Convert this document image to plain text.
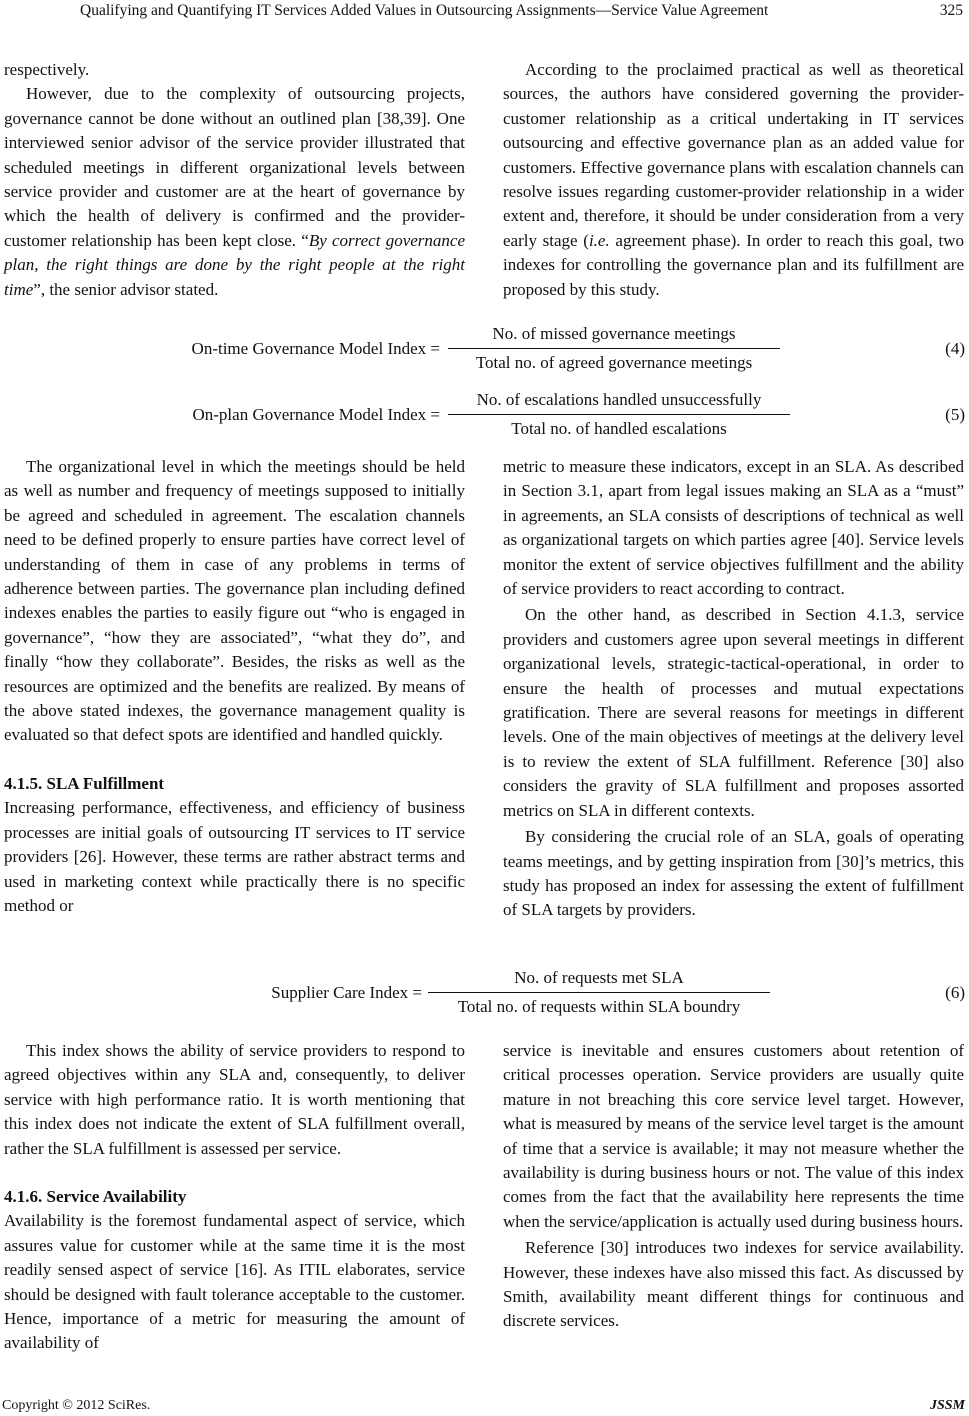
Qualifying and Quantifying IT Services Added Values in Outsourcing Assignments—Service Value Agreement	325

respectively.

However, due to the complexity of outsourcing projects, governance cannot be done without an outlined plan [38,39]. One interviewed senior advisor of the service provider illustrated that scheduled meetings in different organizational levels between service provider and customer are at the heart of governance by which the health of delivery is confirmed and the provider-customer relationship has been kept close. “By correct governance plan, the right things are done by the right people at the right time”, the senior advisor stated.

According to the proclaimed practical as well as theoretical sources, the authors have considered governing the provider-customer relationship as a critical undertaking in IT services outsourcing and effective governance plan as an added value for customers. Effective governance plans with escalation channels can resolve issues regarding customer-provider relationship in a wider extent and, therefore, it should be under consideration from a very early stage (i.e. agreement phase). In order to reach this goal, two indexes for controlling the governance plan and its fulfillment are proposed by this study.

On-time Governance Model Index =
No. of missed governance meetings
Total no. of agreed governance meetings
(4)
On-plan Governance Model Index =
No. of escalations handled unsuccessfully
Total no. of handled escalations
(5)

The organizational level in which the meetings should be held as well as number and frequency of meetings supposed to initially be agreed and scheduled in agreement. The escalation channels need to be defined properly to ensure parties have correct level of understanding of them in case of any problems in terms of adherence between parties. The governance plan including defined indexes enables the parties to easily figure out “who is engaged in governance”, “how they are associated”, “what they do”, and finally “how they collaborate”. Besides, the risks as well as the resources are optimized and the benefits are realized. By means of the above stated indexes, the governance management quality is evaluated so that defect spots are identified and handled quickly.

4.1.5. SLA Fulfillment

Increasing performance, effectiveness, and efficiency of business processes are initial goals of outsourcing IT services to IT service providers [26]. However, these terms are rather abstract terms and used in marketing context while practically there is no specific method or

metric to measure these indicators, except in an SLA. As described in Section 3.1, apart from legal issues making an SLA as a “must” in agreements, an SLA consists of descriptions of technical as well as organizational targets on which parties agree [40]. Service levels monitor the extent of service objectives fulfillment and the ability of service providers to react according to contract.

On the other hand, as described in Section 4.1.3, service providers and customers agree upon several meetings in different organizational levels, strategic-tactical-operational, in order to ensure the health of processes and mutual expectations gratification. There are several reasons for meetings in different levels. One of the main objectives of meetings at the delivery level is to review the extent of SLA fulfillment. Reference [30] also considers the gravity of SLA fulfillment and proposes assorted metrics on SLA in different contexts.

By considering the crucial role of an SLA, goals of operating teams meetings, and by getting inspiration from [30]’s metrics, this study has proposed an index for assessing the extent of fulfillment of SLA targets by providers.

Supplier Care Index =
No. of requests met SLA
Total no. of requests within SLA boundry
(6)

This index shows the ability of service providers to respond to agreed objectives within any SLA and, consequently, to deliver service with high performance ratio. It is worth mentioning that this index does not indicate the extent of SLA fulfillment overall, rather the SLA fulfillment is assessed per service.

4.1.6. Service Availability

Availability is the foremost fundamental aspect of service, which assures value for customer while at the same time it is the most readily sensed aspect of service [16]. As ITIL elaborates, service should be designed with fault tolerance acceptable to the customer. Hence, importance of a metric for measuring the amount of availability of

service is inevitable and ensures customers about retention of critical processes operation. Service providers are usually quite mature in not breaching this core service level target. However, what is measured by means of the service level target is the amount of time that a service is available; it may not measure whether the availability is during business hours or not. The value of this index comes from the fact that the availability here represents the time when the service/application is actually used during business hours.

Reference [30] introduces two indexes for service availability. However, these indexes have also missed this fact. As discussed by Smith, availability meant different things for continuous and discrete services.

Copyright © 2012 SciRes.	JSSM
